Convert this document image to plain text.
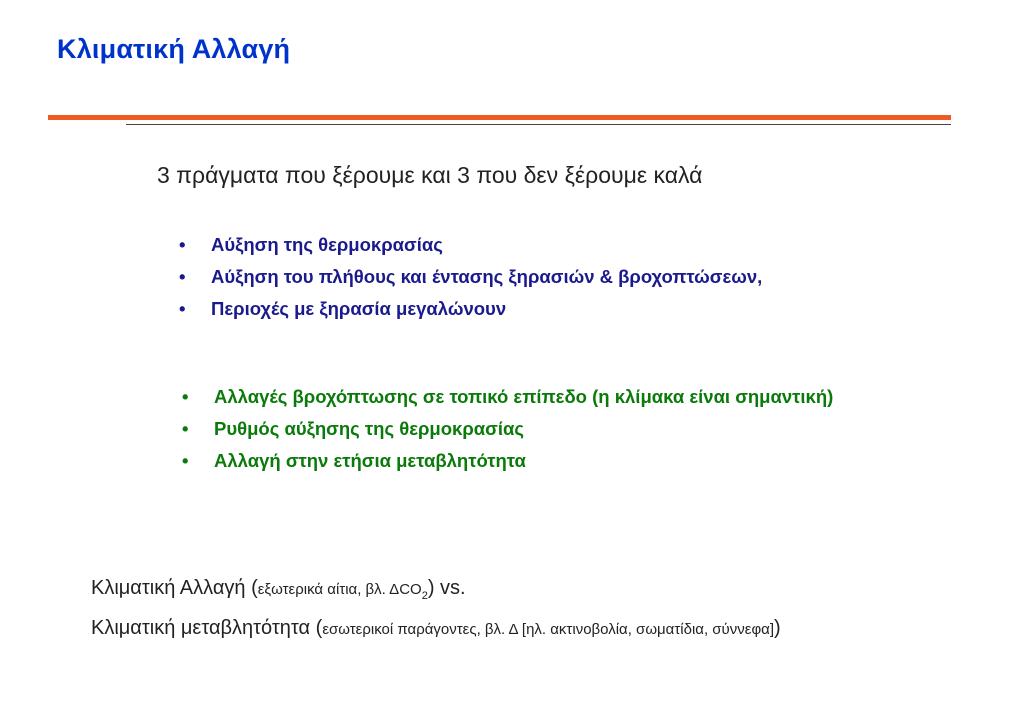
Κλιματική Αλλαγή
3 πράγματα που ξέρουμε και 3 που δεν ξέρουμε καλά
• Αύξηση της θερμοκρασίας
• Αύξηση του πλήθους και έντασης ξηρασιών & βροχοπτώσεων,
• Περιοχές με ξηρασία μεγαλώνουν
• Αλλαγές βροχόπτωσης σε τοπικό επίπεδο (η κλίμακα είναι σημαντική)
• Ρυθμός αύξησης της θερμοκρασίας
• Αλλαγή στην ετήσια μεταβλητότητα
Κλιματική Αλλαγή (εξωτερικά αίτια, βλ. $\Delta CO_2$) vs.
Κλιματική μεταβλητότητα (εσωτερικοί παράγοντες, βλ. Δ [ηλ. ακτινοβολία, σωματίδια, σύννεφα])
